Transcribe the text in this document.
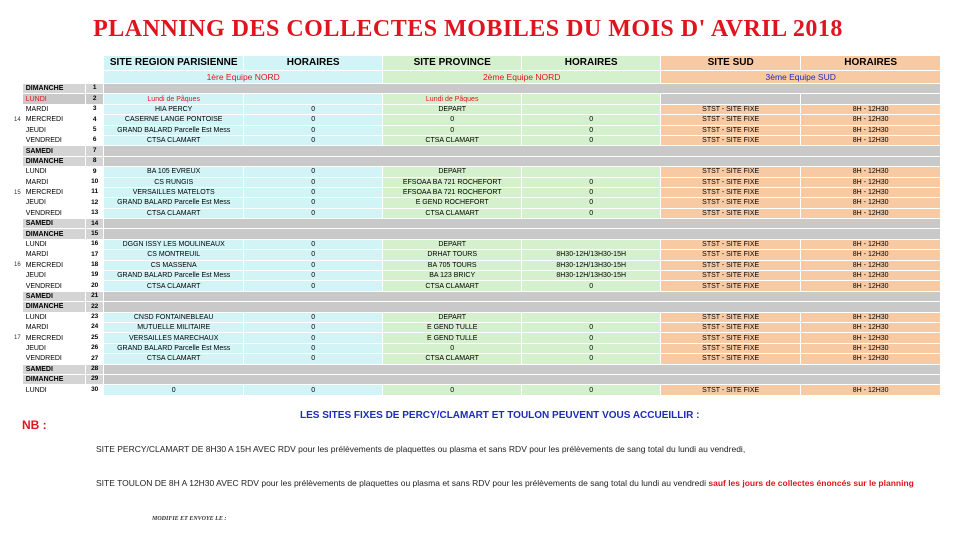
PLANNING DES COLLECTES MOBILES DU MOIS D' AVRIL 2018
			SITE REGION PARISIENNE	HORAIRES	SITE PROVINCE	HORAIRES	SITE SUD	HORAIRES
			1ère Equipe NORD		2ème Equipe NORD		3ème Equipe SUD	
	DIMANCHE	1						
	LUNDI	2	Lundi de Pâques		Lundi de Pâques			
	MARDI	3	HIA PERCY	0	DEPART		STST - SITE FIXE	8H - 12H30
14	MERCREDI	4	CASERNE LANGE PONTOISE	0	0	0	STST - SITE FIXE	8H - 12H30
	JEUDI	5	GRAND BALARD Parcelle Est Mess	0	0	0	STST - SITE FIXE	8H - 12H30
	VENDREDI	6	CTSA CLAMART	0	CTSA CLAMART	0	STST - SITE FIXE	8H - 12H30
	SAMEDI	7						
	DIMANCHE	8						
	LUNDI	9	BA 105 EVREUX	0	DEPART		STST - SITE FIXE	8H - 12H30
	MARDI	10	CS RUNGIS	0	EFSOAA BA 721 ROCHEFORT	0	STST - SITE FIXE	8H - 12H30
15	MERCREDI	11	VERSAILLES MATELOTS	0	EFSOAA BA 721 ROCHEFORT	0	STST - SITE FIXE	8H - 12H30
	JEUDI	12	GRAND BALARD Parcelle Est Mess	0	E GEND ROCHEFORT	0	STST - SITE FIXE	8H - 12H30
	VENDREDI	13	CTSA CLAMART	0	CTSA CLAMART	0	STST - SITE FIXE	8H - 12H30
	SAMEDI	14						
	DIMANCHE	15						
	LUNDI	16	DGGN ISSY LES MOULINEAUX	0	DEPART		STST - SITE FIXE	8H - 12H30
	MARDI	17	CS MONTREUIL	0	DRHAT TOURS	8H30-12H/13H30-15H	STST - SITE FIXE	8H - 12H30
16	MERCREDI	18	CS MASSENA	0	BA 705 TOURS	8H30-12H/13H30-15H	STST - SITE FIXE	8H - 12H30
	JEUDI	19	GRAND BALARD Parcelle Est Mess	0	BA 123 BRICY	8H30-12H/13H30-15H	STST - SITE FIXE	8H - 12H30
	VENDREDI	20	CTSA CLAMART	0	CTSA CLAMART	0	STST - SITE FIXE	8H - 12H30
	SAMEDI	21						
	DIMANCHE	22						
	LUNDI	23	CNSD FONTAINEBLEAU	0	DEPART		STST - SITE FIXE	8H - 12H30
	MARDI	24	MUTUELLE MILITAIRE	0	E GEND TULLE	0	STST - SITE FIXE	8H - 12H30
17	MERCREDI	25	VERSAILLES MARECHAUX	0	E GEND TULLE	0	STST - SITE FIXE	8H - 12H30
	JEUDI	26	GRAND BALARD Parcelle Est Mess	0	0	0	STST - SITE FIXE	8H - 12H30
	VENDREDI	27	CTSA CLAMART	0	CTSA CLAMART	0	STST - SITE FIXE	8H - 12H30
	SAMEDI	28						
	DIMANCHE	29						
	LUNDI	30	0	0	0	0	STST - SITE FIXE	8H - 12H30
NB :
LES SITES FIXES DE PERCY/CLAMART ET TOULON PEUVENT VOUS ACCUEILLIR :
SITE PERCY/CLAMART DE 8H30 A 15H AVEC RDV pour les prélèvements de plaquettes ou plasma et sans RDV pour les prélèvements de sang total du lundi au vendredi,
SITE TOULON DE 8H A 12H30 AVEC RDV pour les prélèvements de plaquettes ou plasma et sans RDV pour les prélèvements de sang total du lundi au vendredi sauf les jours de collectes énoncés sur le planning
MODIFIE ET ENVOYE LE :
